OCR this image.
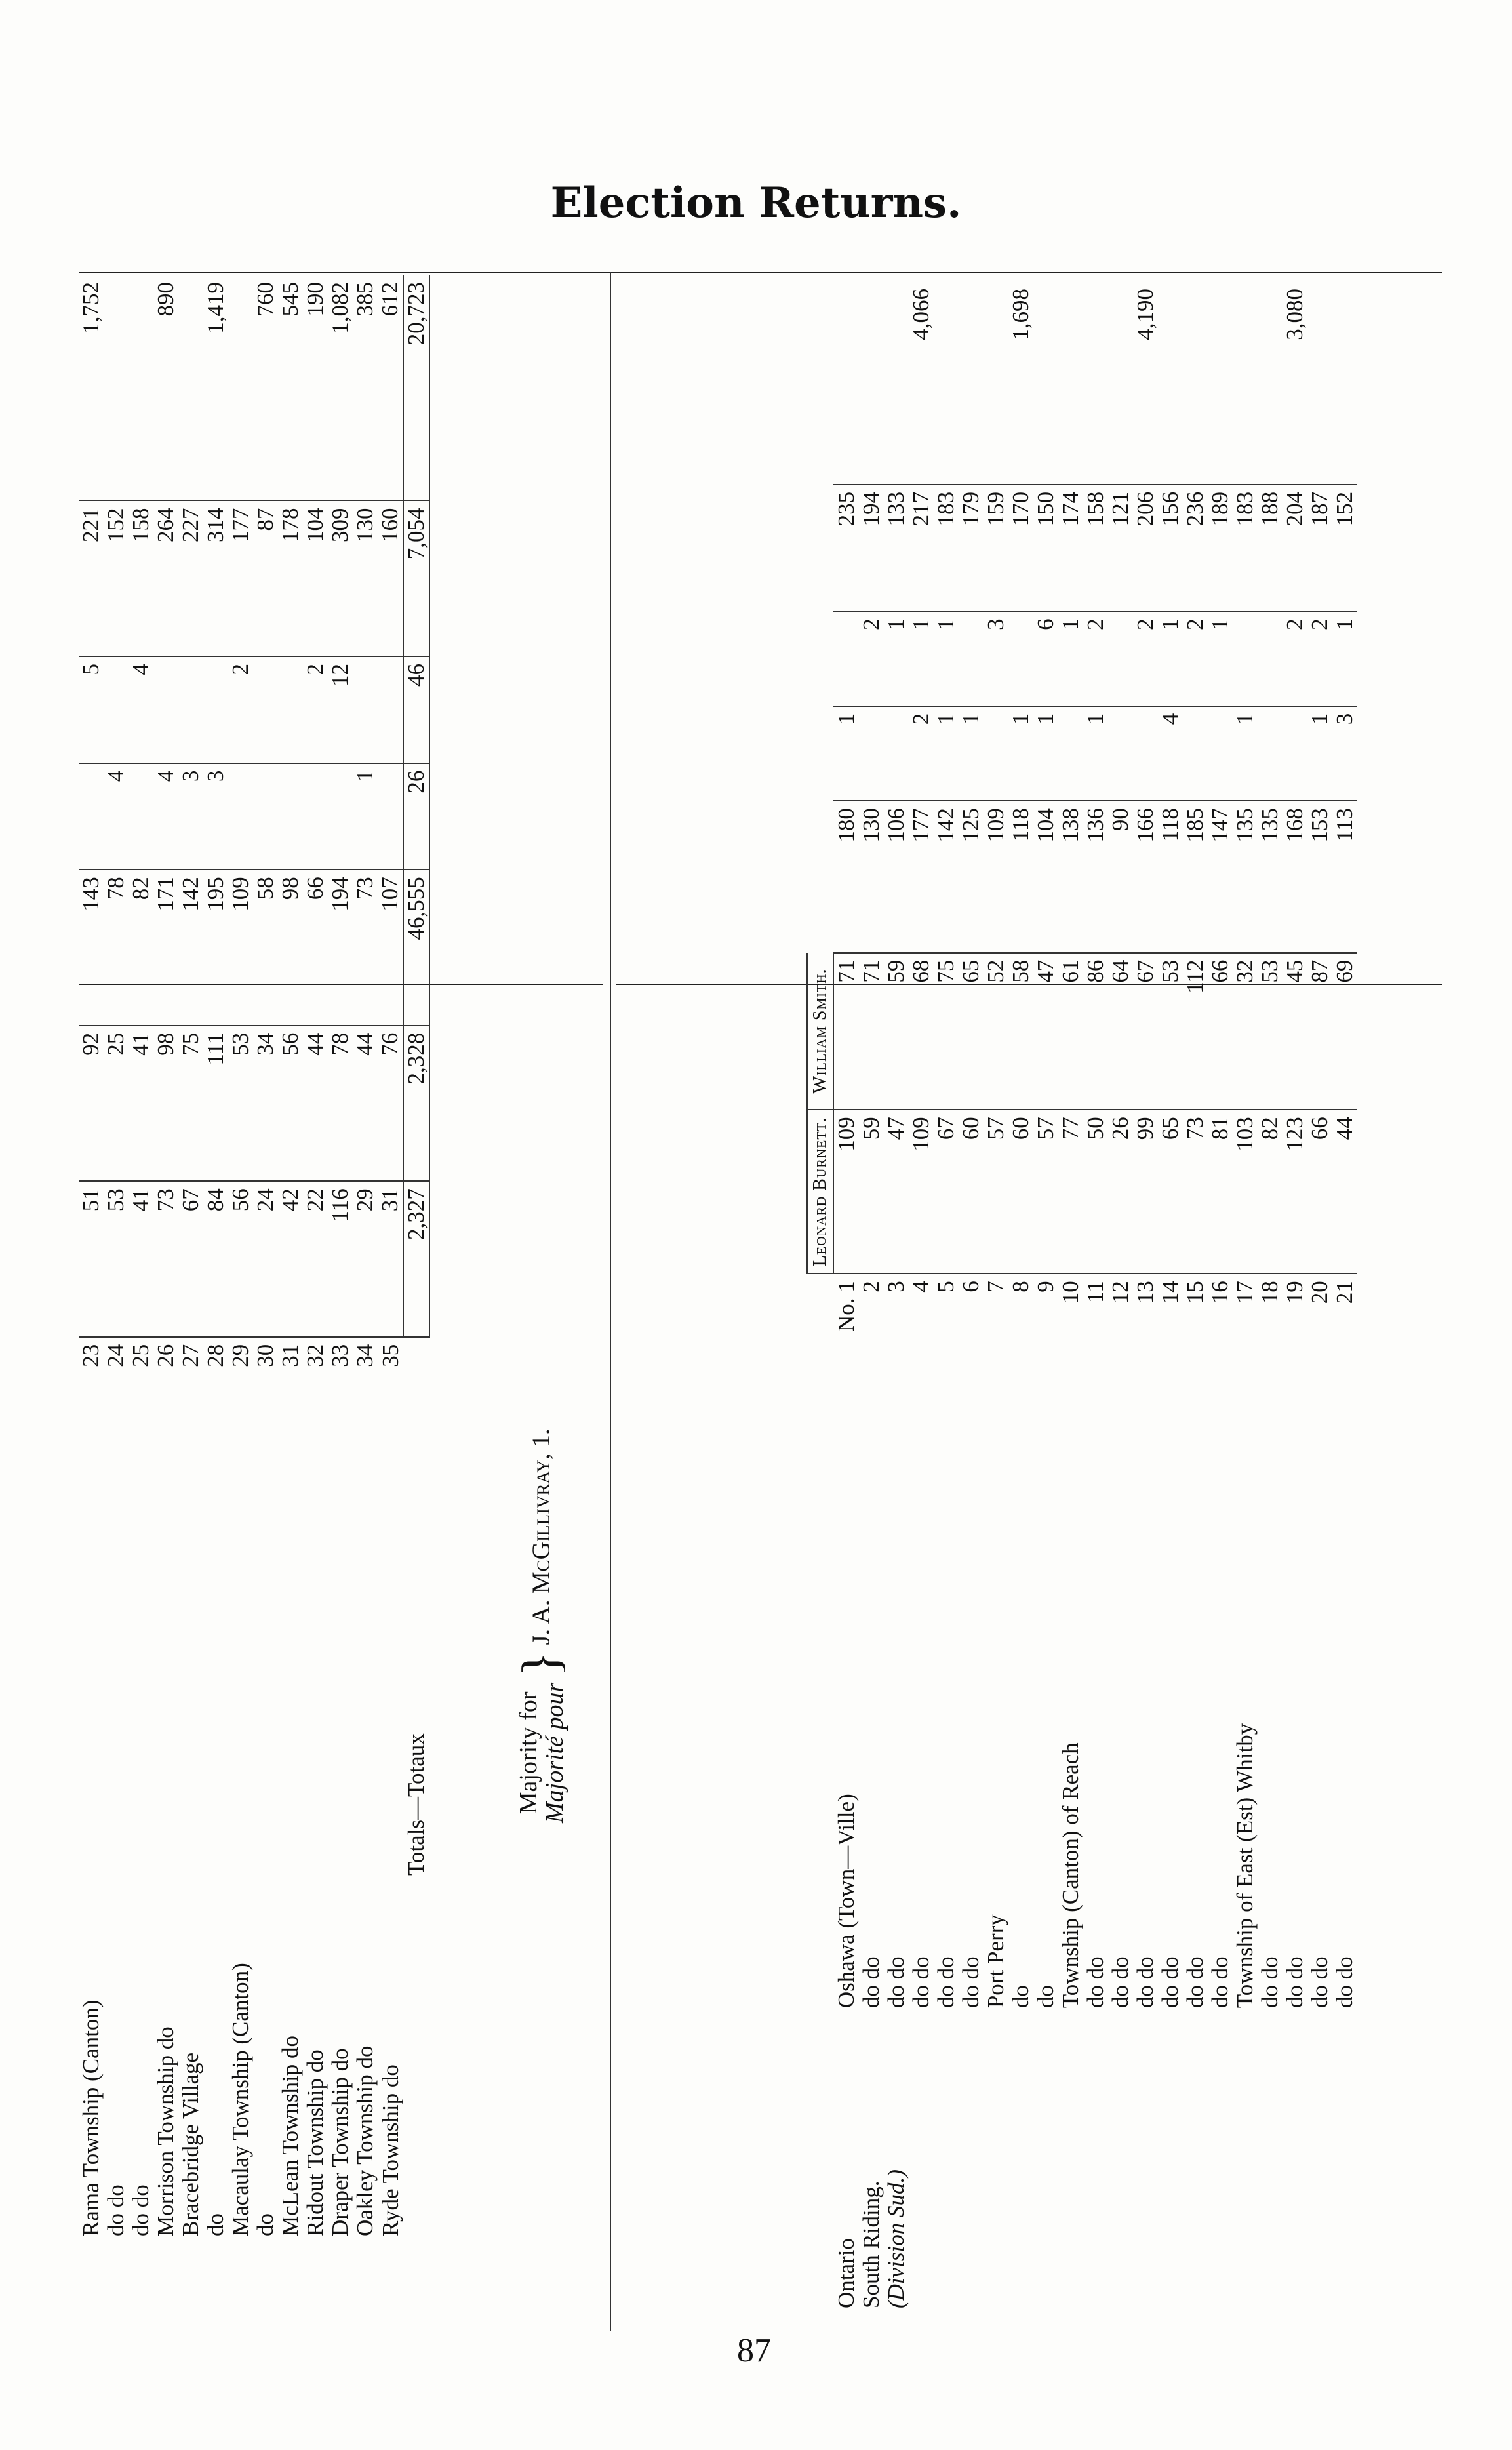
Election Returns.
Rama Township (Canton)	23	51	92	143		5	221	1,752
do do	24	53	25	78	4		152	
do do	25	41	41	82		4	158	
Morrison Township do	26	73	98	171	4		264	890
Bracebridge Village	27	67	75	142	3		227	
do	28	84	111	195	3		314	1,419
Macaulay Township (Canton)	29	56	53	109		2	177	
do	30	24	34	58			87	760
McLean Township do	31	42	56	98			178	545
Ridout Township do	32	22	44	66		2	104	190
Draper Township do	33	116	78	194		12	309	1,082
Oakley Township do	34	29	44	73	1		130	385
Ryde Township do	35	31	76	107			160	612
Totals—Totaux		2,327	2,328	46,555	26	46	7,054	20,723
Majority for
Majorité pour } J. A. McGillivray, 1.
			Leonard Burnett.	William Smith.					
Ontario	Oshawa (Town—Ville)	No. 1	109	71	180	1		235	
South Riding.	do do	2	59	71	130		2	194	
(Division Sud.)	do do	3	47	59	106		1	133	
	do do	4	109	68	177	2	1	217	4,066
	do do	5	67	75	142	1	1	183	
	do do	6	60	65	125	1		179	
	Port Perry	7	57	52	109		3	159	
	do	8	60	58	118	1		170	1,698
	do	9	57	47	104	1	6	150	
	Township (Canton) of Reach	10	77	61	138		1	174	
	do do	11	50	86	136	1	2	158	
	do do	12	26	64	90			121	
	do do	13	99	67	166		2	206	4,190
	do do	14	65	53	118	4	1	156	
	do do	15	73	112	185		2	236	
	do do	16	81	66	147		1	189	
	Township of East (Est) Whitby	17	103	32	135	1		183	
	do do	18	82	53	135			188	
	do do	19	123	45	168		2	204	3,080
	do do	20	66	87	153	1	2	187	
	do do	21	44	69	113	3	1	152	
87
